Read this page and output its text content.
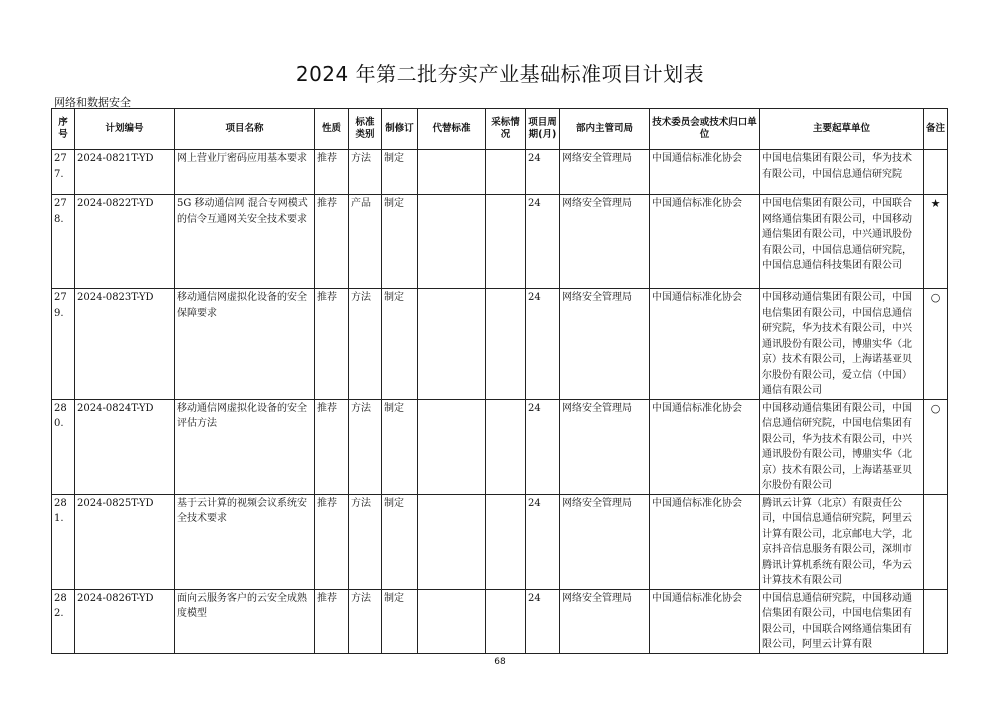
2024 年第二批夯实产业基础标准项目计划表
网络和数据安全
序号	计划编号	项目名称	性质	标准类别	制修订	代替标准	采标情况	项目周期(月)	部内主管司局	技术委员会或技术归口单位	主要起草单位	备注
277.	2024-0821T-YD	网上营业厅密码应用基本要求	推荐	方法	制定			24	网络安全管理局	中国通信标准化协会	中国电信集团有限公司，华为技术有限公司，中国信息通信研究院	
278.	2024-0822T-YD	5G 移动通信网 混合专网模式的信令互通网关安全技术要求	推荐	产品	制定			24	网络安全管理局	中国通信标准化协会	中国电信集团有限公司，中国联合网络通信集团有限公司，中国移动通信集团有限公司，中兴通讯股份有限公司，中国信息通信研究院，中国信息通信科技集团有限公司	★
279.	2024-0823T-YD	移动通信网虚拟化设备的安全保障要求	推荐	方法	制定			24	网络安全管理局	中国通信标准化协会	中国移动通信集团有限公司，中国电信集团有限公司，中国信息通信研究院，华为技术有限公司，中兴通讯股份有限公司，博鼎实华（北京）技术有限公司，上海诺基亚贝尔股份有限公司，爱立信（中国）通信有限公司	○
280.	2024-0824T-YD	移动通信网虚拟化设备的安全评估方法	推荐	方法	制定			24	网络安全管理局	中国通信标准化协会	中国移动通信集团有限公司，中国信息通信研究院，中国电信集团有限公司，华为技术有限公司，中兴通讯股份有限公司，博鼎实华（北京）技术有限公司，上海诺基亚贝尔股份有限公司	○
281.	2024-0825T-YD	基于云计算的视频会议系统安全技术要求	推荐	方法	制定			24	网络安全管理局	中国通信标准化协会	腾讯云计算（北京）有限责任公司，中国信息通信研究院，阿里云计算有限公司，北京邮电大学，北京抖音信息服务有限公司，深圳市腾讯计算机系统有限公司，华为云计算技术有限公司	
282.	2024-0826T-YD	面向云服务客户的云安全成熟度模型	推荐	方法	制定			24	网络安全管理局	中国通信标准化协会	中国信息通信研究院，中国移动通信集团有限公司，中国电信集团有限公司，中国联合网络通信集团有限公司，阿里云计算有限	
68
